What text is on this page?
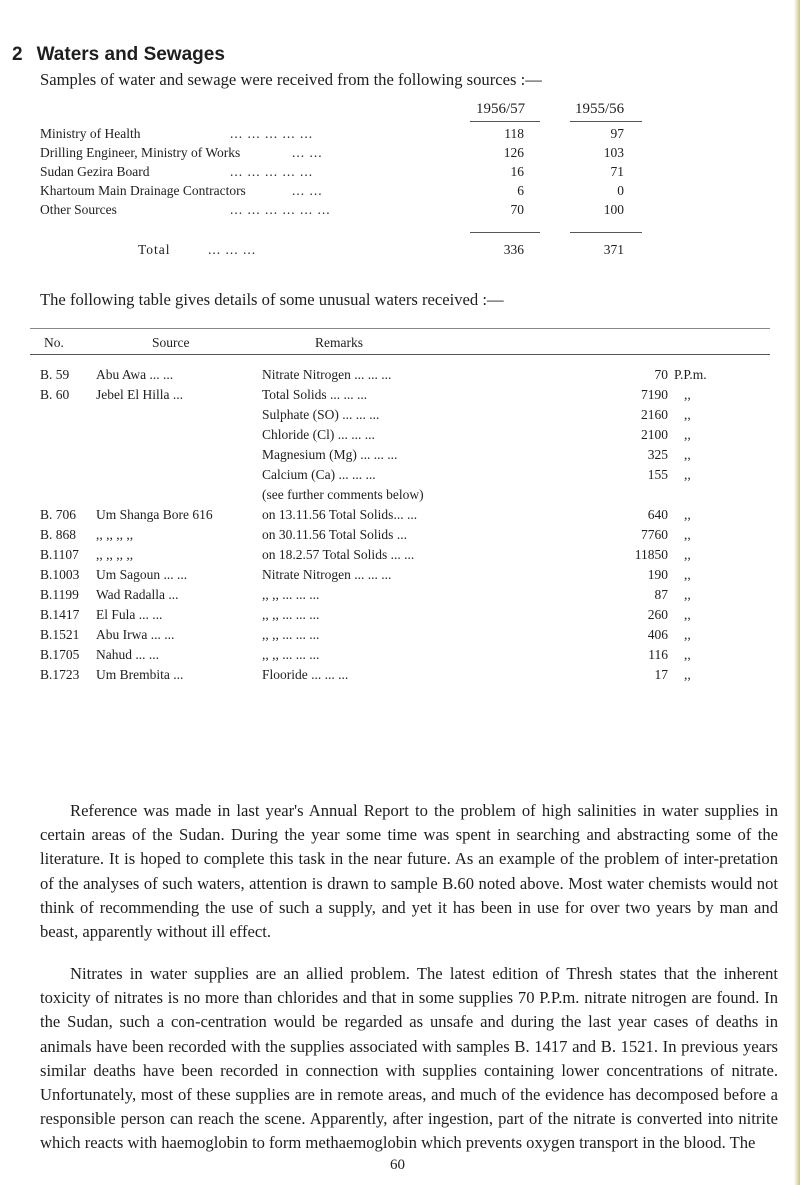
2 Waters and Sewages
Samples of water and sewage were received from the following sources :—
1956/57	1955/56
Ministry of Health	... ... ... ... ...	118	97
Drilling Engineer, Ministry of Works	... ...	126	103
Sudan Gezira Board	... ... ... ... ...	16	71
Khartoum Main Drainage Contractors	... ...	6	0
Other Sources	... ... ... ... ... ...	70	100
Total	... ... ...	336	371
The following table gives details of some unusual waters received :—
No.	Source	Remarks
B. 59 Abu Awa ... ...	Nitrate Nitrogen ... ... ...	70 P.P.m.
B. 60 Jebel El Hilla ...	Total Solids ... ... ...	7190 ,,
Sulphate (SO) ... ... ...	2160 ,,
Chloride (Cl) ... ... ...	2100 ,,
Magnesium (Mg) ... ... ...	325 ,,
Calcium (Ca) ... ... ...	155 ,,
(see further comments below)
B. 706 Um Shanga Bore 616	on 13.11.56 Total Solids... ...	640 ,,
B. 868 ,, ,, ,, ,,	on 30.11.56 Total Solids ...	7760 ,,
B.1107 ,, ,, ,, ,,	on 18.2.57 Total Solids ... ...	11850 ,,
B.1003 Um Sagoun ... ...	Nitrate Nitrogen ... ... ...	190 ,,
B.1199 Wad Radalla ...	,, ,, ... ... ...	87 ,,
B.1417 El Fula ... ...	,, ,, ... ... ...	260 ,,
B.1521 Abu Irwa ... ...	,, ,, ... ... ...	406 ,,
B.1705 Nahud ... ...	,, ,, ... ... ...	116 ,,
B.1723 Um Brembita ...	Flooride ... ... ...	17 ,,

Reference was made in last year's Annual Report to the problem of high salinities in water supplies in certain areas of the Sudan. During the year some time was spent in searching and abstracting some of the literature. It is hoped to complete this task in the near future. As an example of the problem of inter-pretation of the analyses of such waters, attention is drawn to sample B.60 noted above. Most water chemists would not think of recommending the use of such a supply, and yet it has been in use for over two years by man and beast, apparently without ill effect.

Nitrates in water supplies are an allied problem. The latest edition of Thresh states that the inherent toxicity of nitrates is no more than chlorides and that in some supplies 70 P.P.m. nitrate nitrogen are found. In the Sudan, such a con-centration would be regarded as unsafe and during the last year cases of deaths in animals have been recorded with the supplies associated with samples B. 1417 and B. 1521. In previous years similar deaths have been recorded in connection with supplies containing lower concentrations of nitrate. Unfortunately, most of these supplies are in remote areas, and much of the evidence has decomposed before a responsible person can reach the scene. Apparently, after ingestion, part of the nitrate is converted into nitrite which reacts with haemoglobin to form methaemoglobin which prevents oxygen transport in the blood. The

60
